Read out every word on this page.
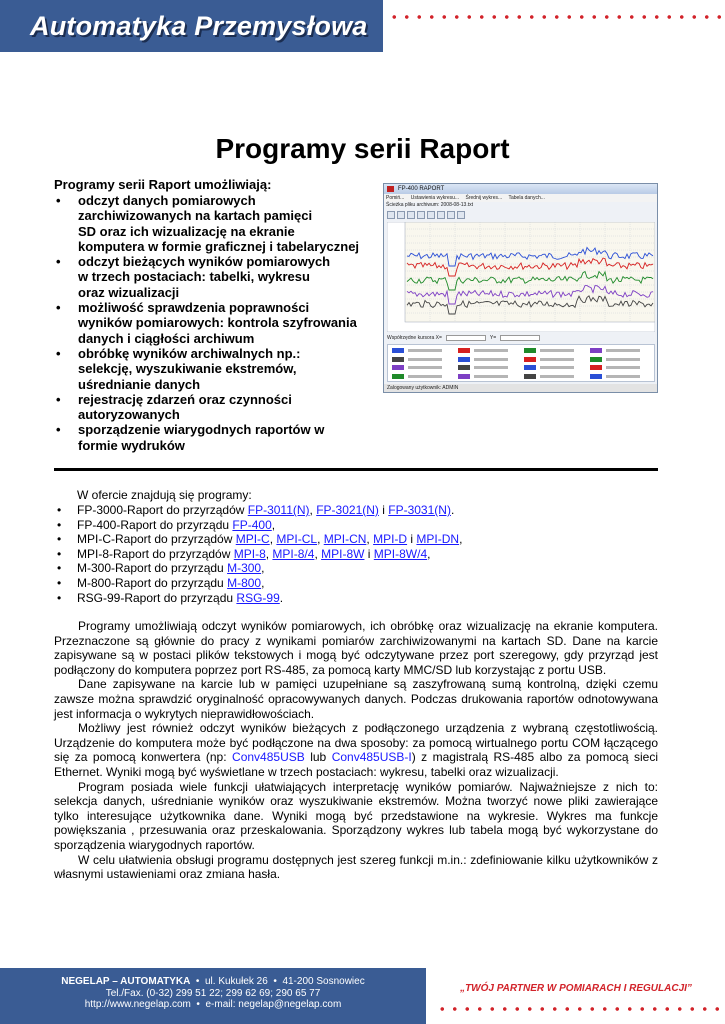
Automatyka Przemysłowa
Programy serii Raport
Programy serii Raport umożliwiają:
• odczyt danych pomiarowych
zarchiwizowanych na kartach pamięci
SD oraz ich wizualizację na ekranie
komputera w formie graficznej i tabelarycznej
• odczyt bieżących wyników pomiarowych
w trzech postaciach: tabelki, wykresu
oraz wizualizacji
• możliwość sprawdzenia poprawności
wyników pomiarowych: kontrola szyfrowania
danych i ciągłości archiwum
• obróbkę wyników archiwalnych np.:
selekcję, wyszukiwanie ekstremów,
uśrednianie danych
• rejestrację zdarzeń oraz czynności
autoryzowanych
• sporządzenie wiarygodnych raportów w
formie wydruków
FP-400 RAPORT
Pomiń... Ustawienia wykresu... Średnij wykres... Tabela danych...
Ścieżka pliku archiwum: 2008-08-13.txt
Współrzędne kursora X=	Y=
Zalogowany użytkownik: ADMIN
W ofercie znajdują się programy:
• FP-3000-Raport do przyrządów FP-3011(N), FP-3021(N) i FP-3031(N).
• FP-400-Raport do przyrządu FP-400,
• MPI-C-Raport do przyrządów MPI-C, MPI-CL, MPI-CN, MPI-D i MPI-DN,
• MPI-8-Raport do przyrządów MPI-8, MPI-8/4, MPI-8W i MPI-8W/4,
• M-300-Raport do przyrządu M-300,
• M-800-Raport do przyrządu M-800,
• RSG-99-Raport do przyrządu RSG-99.

Programy umożliwiają odczyt wyników pomiarowych, ich obróbkę oraz wizualizację na ekranie komputera. Przeznaczone są głównie do pracy z wynikami pomiarów zarchiwizowanymi na kartach SD. Dane na karcie zapisywane są w postaci plików tekstowych i mogą być odczytywane przez port szeregowy, gdy przyrząd jest podłączony do komputera poprzez port RS-485, za pomocą karty MMC/SD lub korzystając z portu USB.

Dane zapisywane na karcie lub w pamięci uzupełniane są zaszyfrowaną sumą kontrolną, dzięki czemu zawsze można sprawdzić oryginalność opracowywanych danych. Podczas drukowania raportów odnotowywana jest informacja o wykrytych nieprawidłowościach.

Możliwy jest również odczyt wyników bieżących z podłączonego urządzenia z wybraną częstotliwością. Urządzenie do komputera może być podłączone na dwa sposoby: za pomocą wirtualnego portu COM łączącego się za pomocą konwertera (np: Conv485USB lub Conv485USB-I) z magistralą RS-485 albo za pomocą sieci Ethernet. Wyniki mogą być wyświetlane w trzech postaciach: wykresu, tabelki oraz wizualizacji.

Program posiada wiele funkcji ułatwiających interpretację wyników pomiarów. Najważniejsze z nich to: selekcja danych, uśrednianie wyników oraz wyszukiwanie ekstremów. Można tworzyć nowe pliki zawierające tylko interesujące użytkownika dane. Wyniki mogą być przedstawione na wykresie. Wykres ma funkcje powiększania , przesuwania oraz przeskalowania. Sporządzony wykres lub tabela mogą być wykorzystane do sporządzenia wiarygodnych raportów.

W celu ułatwienia obsługi programu dostępnych jest szereg funkcji m.in.: zdefiniowanie kilku użytkowników z własnymi ustawieniami oraz zmiana hasła.

NEGELAP – AUTOMATYKA  •  ul. Kukułek 26  •  41-200 Sosnowiec
Tel./Fax. (0-32) 299 51 22; 299 62 69; 290 65 77
http://www.negelap.com  •  e-mail: negelap@negelap.com
„TWÓJ PARTNER W POMIARACH I REGULACJI”
